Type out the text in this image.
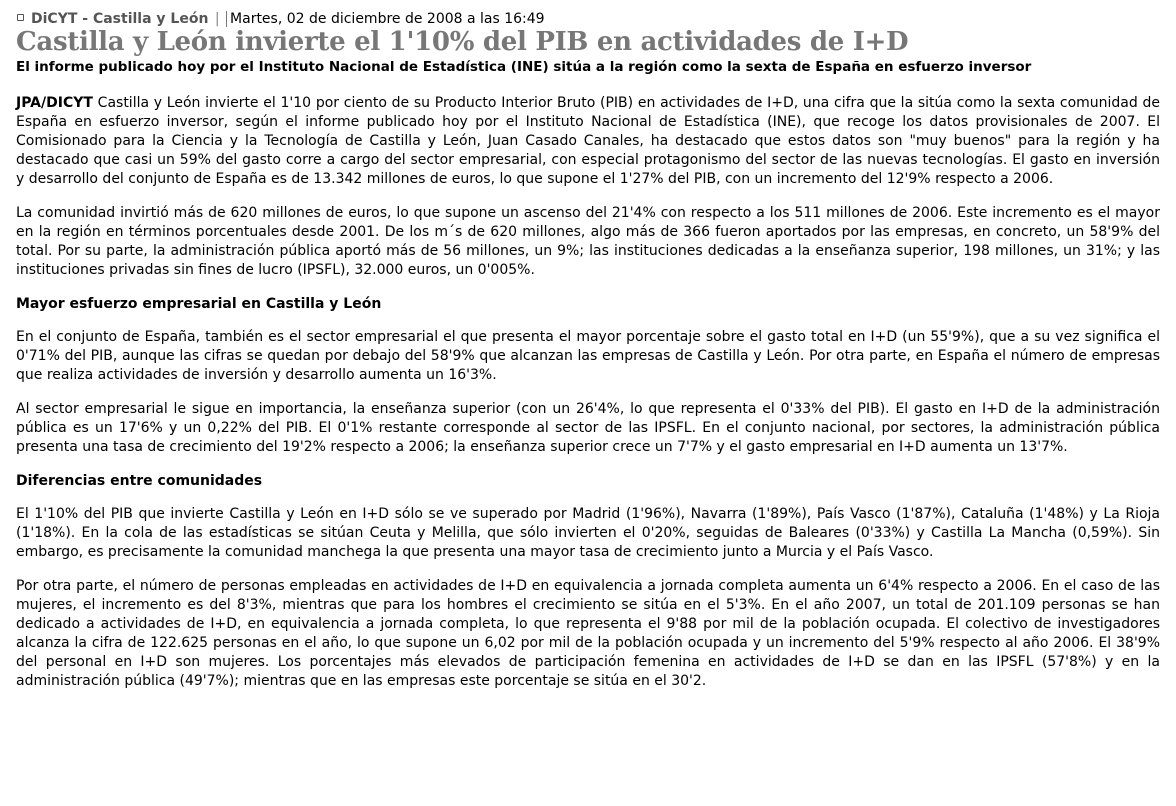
DiCYT - Castilla y León | Martes, 02 de diciembre de 2008 a las 16:49
Castilla y León invierte el 1'10% del PIB en actividades de I+D
El informe publicado hoy por el Instituto Nacional de Estadística (INE) sitúa a la región como la sexta de España en esfuerzo inversor

JPA/DICYT Castilla y León invierte el 1'10 por ciento de su Producto Interior Bruto (PIB) en actividades de I+D, una cifra que la sitúa como la sexta comunidad de España en esfuerzo inversor, según el informe publicado hoy por el Instituto Nacional de Estadística (INE), que recoge los datos provisionales de 2007. El Comisionado para la Ciencia y la Tecnología de Castilla y León, Juan Casado Canales, ha destacado que estos datos son "muy buenos" para la región y ha destacado que casi un 59% del gasto corre a cargo del sector empresarial, con especial protagonismo del sector de las nuevas tecnologías. El gasto en inversión y desarrollo del conjunto de España es de 13.342 millones de euros, lo que supone el 1'27% del PIB, con un incremento del 12'9% respecto a 2006.

La comunidad invirtió más de 620 millones de euros, lo que supone un ascenso del 21'4% con respecto a los 511 millones de 2006. Este incremento es el mayor en la región en términos porcentuales desde 2001. De los m´s de 620 millones, algo más de 366 fueron aportados por las empresas, en concreto, un 58'9% del total. Por su parte, la administración pública aportó más de 56 millones, un 9%; las instituciones dedicadas a la enseñanza superior, 198 millones, un 31%; y las instituciones privadas sin fines de lucro (IPSFL), 32.000 euros, un 0'005%.

Mayor esfuerzo empresarial en Castilla y León

En el conjunto de España, también es el sector empresarial el que presenta el mayor porcentaje sobre el gasto total en I+D (un 55'9%), que a su vez significa el 0'71% del PIB, aunque las cifras se quedan por debajo del 58'9% que alcanzan las empresas de Castilla y León. Por otra parte, en España el número de empresas que realiza actividades de inversión y desarrollo aumenta un 16'3%.

Al sector empresarial le sigue en importancia, la enseñanza superior (con un 26'4%, lo que representa el 0'33% del PIB). El gasto en I+D de la administración pública es un 17'6% y un 0,22% del PIB. El 0'1% restante corresponde al sector de las IPSFL. En el conjunto nacional, por sectores, la administración pública presenta una tasa de crecimiento del 19'2% respecto a 2006; la enseñanza superior crece un 7'7% y el gasto empresarial en I+D aumenta un 13'7%.

Diferencias entre comunidades

El 1'10% del PIB que invierte Castilla y León en I+D sólo se ve superado por Madrid (1'96%), Navarra (1'89%), País Vasco (1'87%), Cataluña (1'48%) y La Rioja (1'18%). En la cola de las estadísticas se sitúan Ceuta y Melilla, que sólo invierten el 0'20%, seguidas de Baleares (0'33%) y Castilla La Mancha (0,59%). Sin embargo, es precisamente la comunidad manchega la que presenta una mayor tasa de crecimiento junto a Murcia y el País Vasco.

Por otra parte, el número de personas empleadas en actividades de I+D en equivalencia a jornada completa aumenta un 6'4% respecto a 2006. En el caso de las mujeres, el incremento es del 8'3%, mientras que para los hombres el crecimiento se sitúa en el 5'3%. En el año 2007, un total de 201.109 personas se han dedicado a actividades de I+D, en equivalencia a jornada completa, lo que representa el 9'88 por mil de la población ocupada. El colectivo de investigadores alcanza la cifra de 122.625 personas en el año, lo que supone un 6,02 por mil de la población ocupada y un incremento del 5'9% respecto al año 2006. El 38'9% del personal en I+D son mujeres. Los porcentajes más elevados de participación femenina en actividades de I+D se dan en las IPSFL (57'8%) y en la administración pública (49'7%); mientras que en las empresas este porcentaje se sitúa en el 30'2.
